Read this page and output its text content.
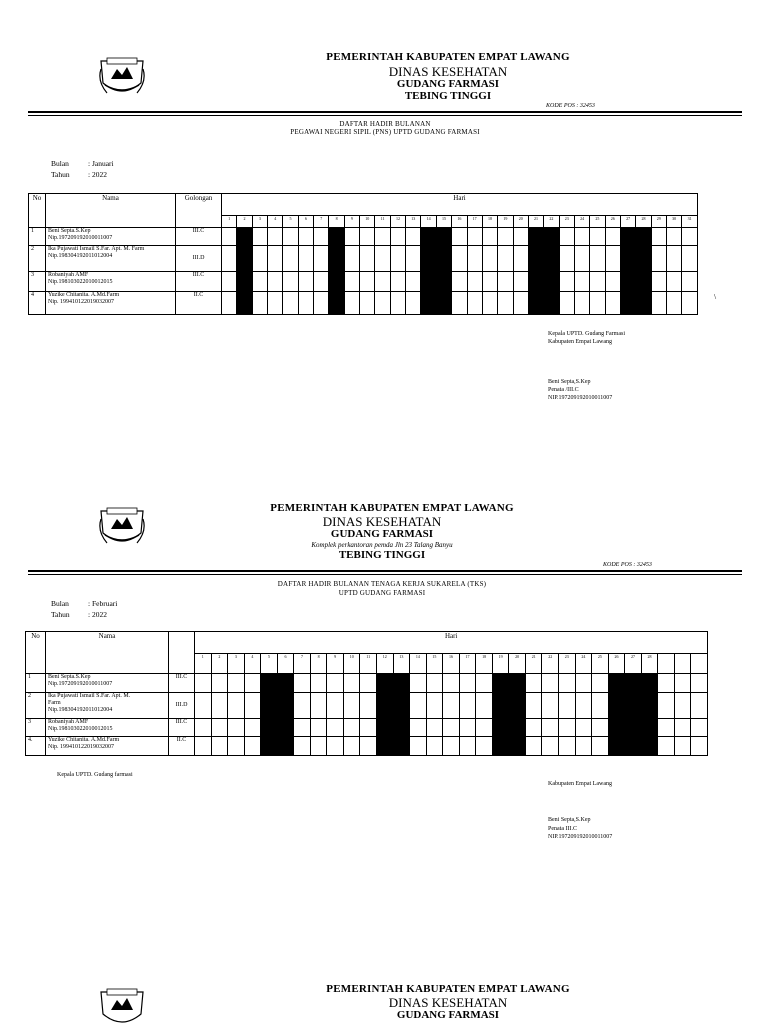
PEMERINTAH KABUPATEN EMPAT LAWANG
DINAS KESEHATAN
GUDANG FARMASI
TEBING TINGGI
KODE POS : 32453
DAFTAR HADIR BULANAN
PEGAWAI NEGERI SIPIL (PNS) UPTD GUDANG FARMASI
Bulan	: Januari
Tahun : 2022
No	Nama	Golongan	Hari																														
			1	2	3	4	5	6	7	8	9	10	11	12	13	14	15	16	17	18	19	20	21	22	23	24	25	26	27	28	29	30	31
1	Beni Septa.S.Kep
Nip.197209192010011007	III.C																															
2	Ika Pujawati Ismail S.Far. Apt. M. Farm
Nip.198304192011012004	III.D																															
3	Robaniyah AMF
Nip.198103022010012015	III.C																															
4	Yuzike Chitanita. A.Md.Farm
Nip. 199410122019032007	II.C																																\
Kepala UPTD. Gudang Farmasi
Kabupaten Empat Lawang
Beni Septa,S.Kep
Penata /III.C
NIP.197209192010011007
PEMERINTAH KABUPATEN EMPAT LAWANG
DINAS KESEHATAN
GUDANG FARMASI
Komplek perkantoran pemda Jln 23 Talang Banyu
TEBING TINGGI
KODE POS : 32453
DAFTAR HADIR BULANAN TENAGA KERJA SUKARELA (TKS)
UPTD GUDANG FARMASI
Bulan	: Februari
Tahun : 2022
No	Nama		Hari																														
			1	2	3	4	5	6	7	8	9	10	11	12	13	14	15	16	17	18	19	20	21	22	23	24	25	26	27	28			
1	Beni Septa.S.Kep
Nip.197209192010011007	III.C																															
2	Ika Pujawati Ismail S.Far. Apt. M.
Farm
Nip.198304192011012004	III.D																															
3	Robaniyah AMF
Nip.198103022010012015	III.C																															
4.	Yuzike Chitanita. A.Md.Farm
Nip. 199410122019032007	II.C																															
Kepala UPTD. Gudang farmasi
Kabupaten Empat Lawang
Beni Septa,S.Kep
Penata III.C
NIP.197209192010011007
PEMERINTAH KABUPATEN EMPAT LAWANG
DINAS KESEHATAN
GUDANG FARMASI
